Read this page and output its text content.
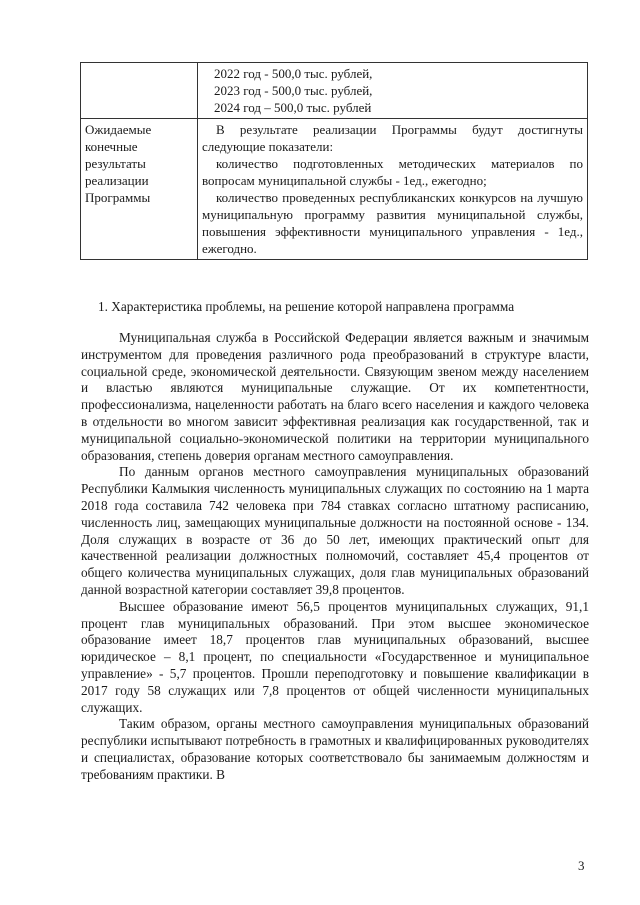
	2022 год - 500,0 тыс. рублей,
2023 год - 500,0 тыс. рублей,
2024 год – 500,0 тыс. рублей

Ожидаемые конечные результаты реализации Программы	В результате реализации Программы будут достигнуты следующие показатели:
количество подготовленных методических материалов по вопросам муниципальной службы - 1ед., ежегодно;
количество проведенных республиканских конкурсов на лучшую муниципальную программу развития муниципальной службы, повышения эффективности муниципального управления - 1ед., ежегодно.
1. Характеристика проблемы, на решение которой направлена программа

Муниципальная служба в Российской Федерации является важным и значимым инструментом для проведения различного рода преобразований в структуре власти, социальной среде, экономической деятельности. Связующим звеном между населением и властью являются муниципальные служащие. От их компетентности, профессионализма, нацеленности работать на благо всего населения и каждого человека в отдельности во многом зависит эффективная реализация как государственной, так и муниципальной социально-экономической политики на территории муниципального образования, степень доверия органам местного самоуправления.

По данным органов местного самоуправления муниципальных образований Республики Калмыкия численность муниципальных служащих по состоянию на 1 марта 2018 года составила 742 человека при 784 ставках согласно штатному расписанию, численность лиц, замещающих муниципальные должности на постоянной основе - 134. Доля служащих в возрасте от 36 до 50 лет, имеющих практический опыт для качественной реализации должностных полномочий, составляет 45,4 процентов от общего количества муниципальных служащих, доля глав муниципальных образований данной возрастной категории составляет 39,8 процентов.

Высшее образование имеют 56,5 процентов муниципальных служащих, 91,1 процент глав муниципальных образований. При этом высшее экономическое образование имеет 18,7 процентов глав муниципальных образований, высшее юридическое – 8,1 процент, по специальности «Государственное и муниципальное управление» - 5,7 процентов. Прошли переподготовку и повышение квалификации в 2017 году 58 служащих или 7,8 процентов от общей численности муниципальных служащих.

Таким образом, органы местного самоуправления муниципальных образований республики испытывают потребность в грамотных и квалифицированных руководителях и специалистах, образование которых соответствовало бы занимаемым должностям и требованиям практики. В

3
